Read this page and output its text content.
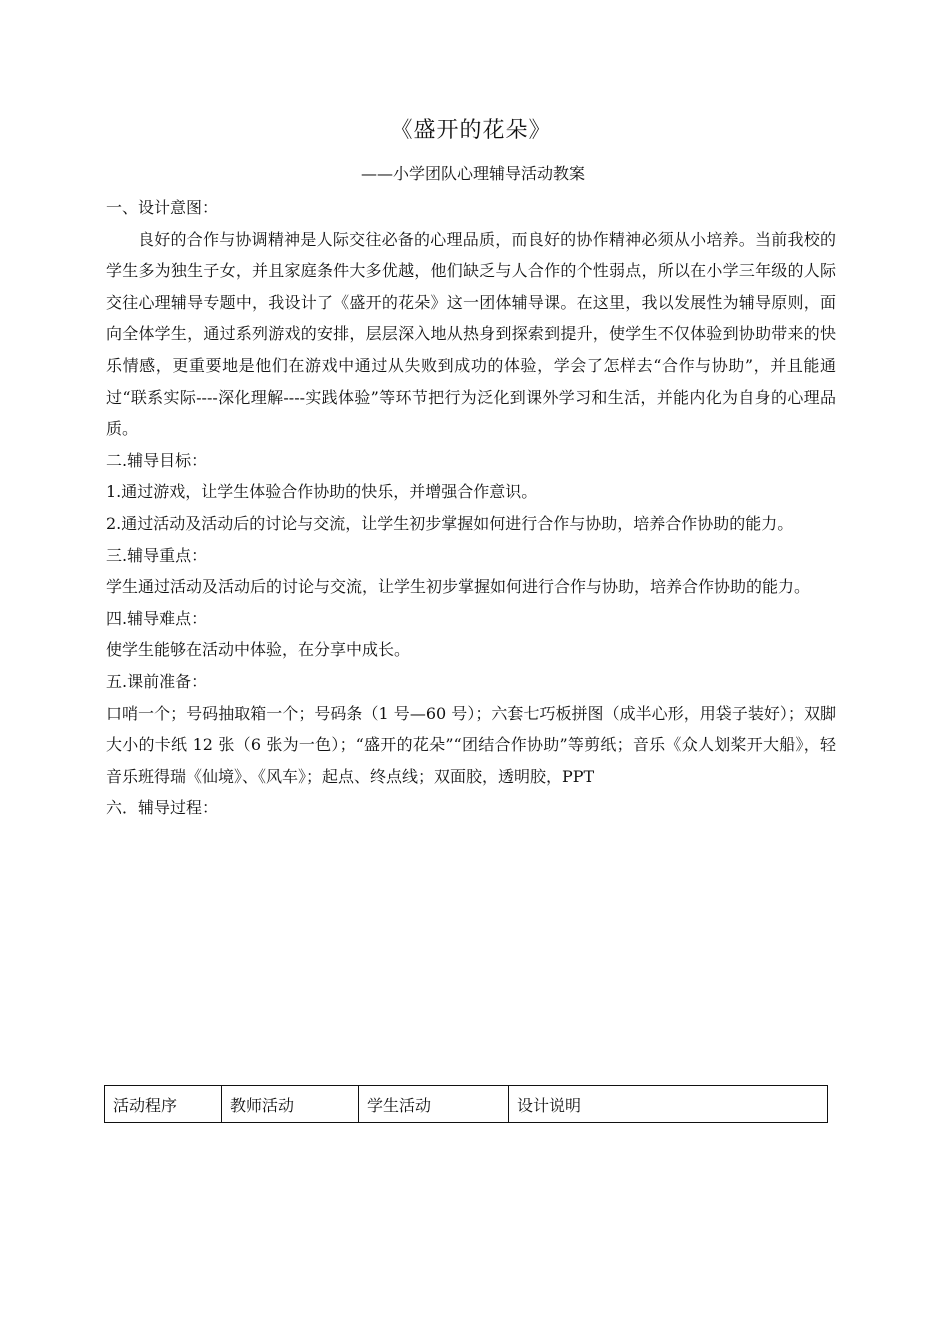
《盛开的花朵》
——小学团队心理辅导活动教案

一、设计意图：

良好的合作与协调精神是人际交往必备的心理品质，而良好的协作精神必须从小培养。当前我校的学生多为独生子女，并且家庭条件大多优越，他们缺乏与人合作的个性弱点，所以在小学三年级的人际交往心理辅导专题中，我设计了《盛开的花朵》这一团体辅导课。在这里，我以发展性为辅导原则，面向全体学生，通过系列游戏的安排，层层深入地从热身到探索到提升，使学生不仅体验到协助带来的快乐情感，更重要地是他们在游戏中通过从失败到成功的体验，学会了怎样去“合作与协助”，并且能通过“联系实际----深化理解----实践体验”等环节把行为泛化到课外学习和生活，并能内化为自身的心理品质。

二.辅导目标：

1.通过游戏，让学生体验合作协助的快乐，并增强合作意识。

2.通过活动及活动后的讨论与交流，让学生初步掌握如何进行合作与协助，培养合作协助的能力。

三.辅导重点：

学生通过活动及活动后的讨论与交流，让学生初步掌握如何进行合作与协助，培养合作协助的能力。

四.辅导难点：

使学生能够在活动中体验，在分享中成长。

五.课前准备：

口哨一个；号码抽取箱一个；号码条（1 号—60 号）；六套七巧板拼图（成半心形，用袋子装好）；双脚大小的卡纸 12 张（6 张为一色）；“盛开的花朵”“团结合作协助”等剪纸；音乐《众人划桨开大船》，轻音乐班得瑞《仙境》、《风车》；起点、终点线；双面胶，透明胶，PPT

六．辅导过程：

活动程序	教师活动	学生活动	设计说明
